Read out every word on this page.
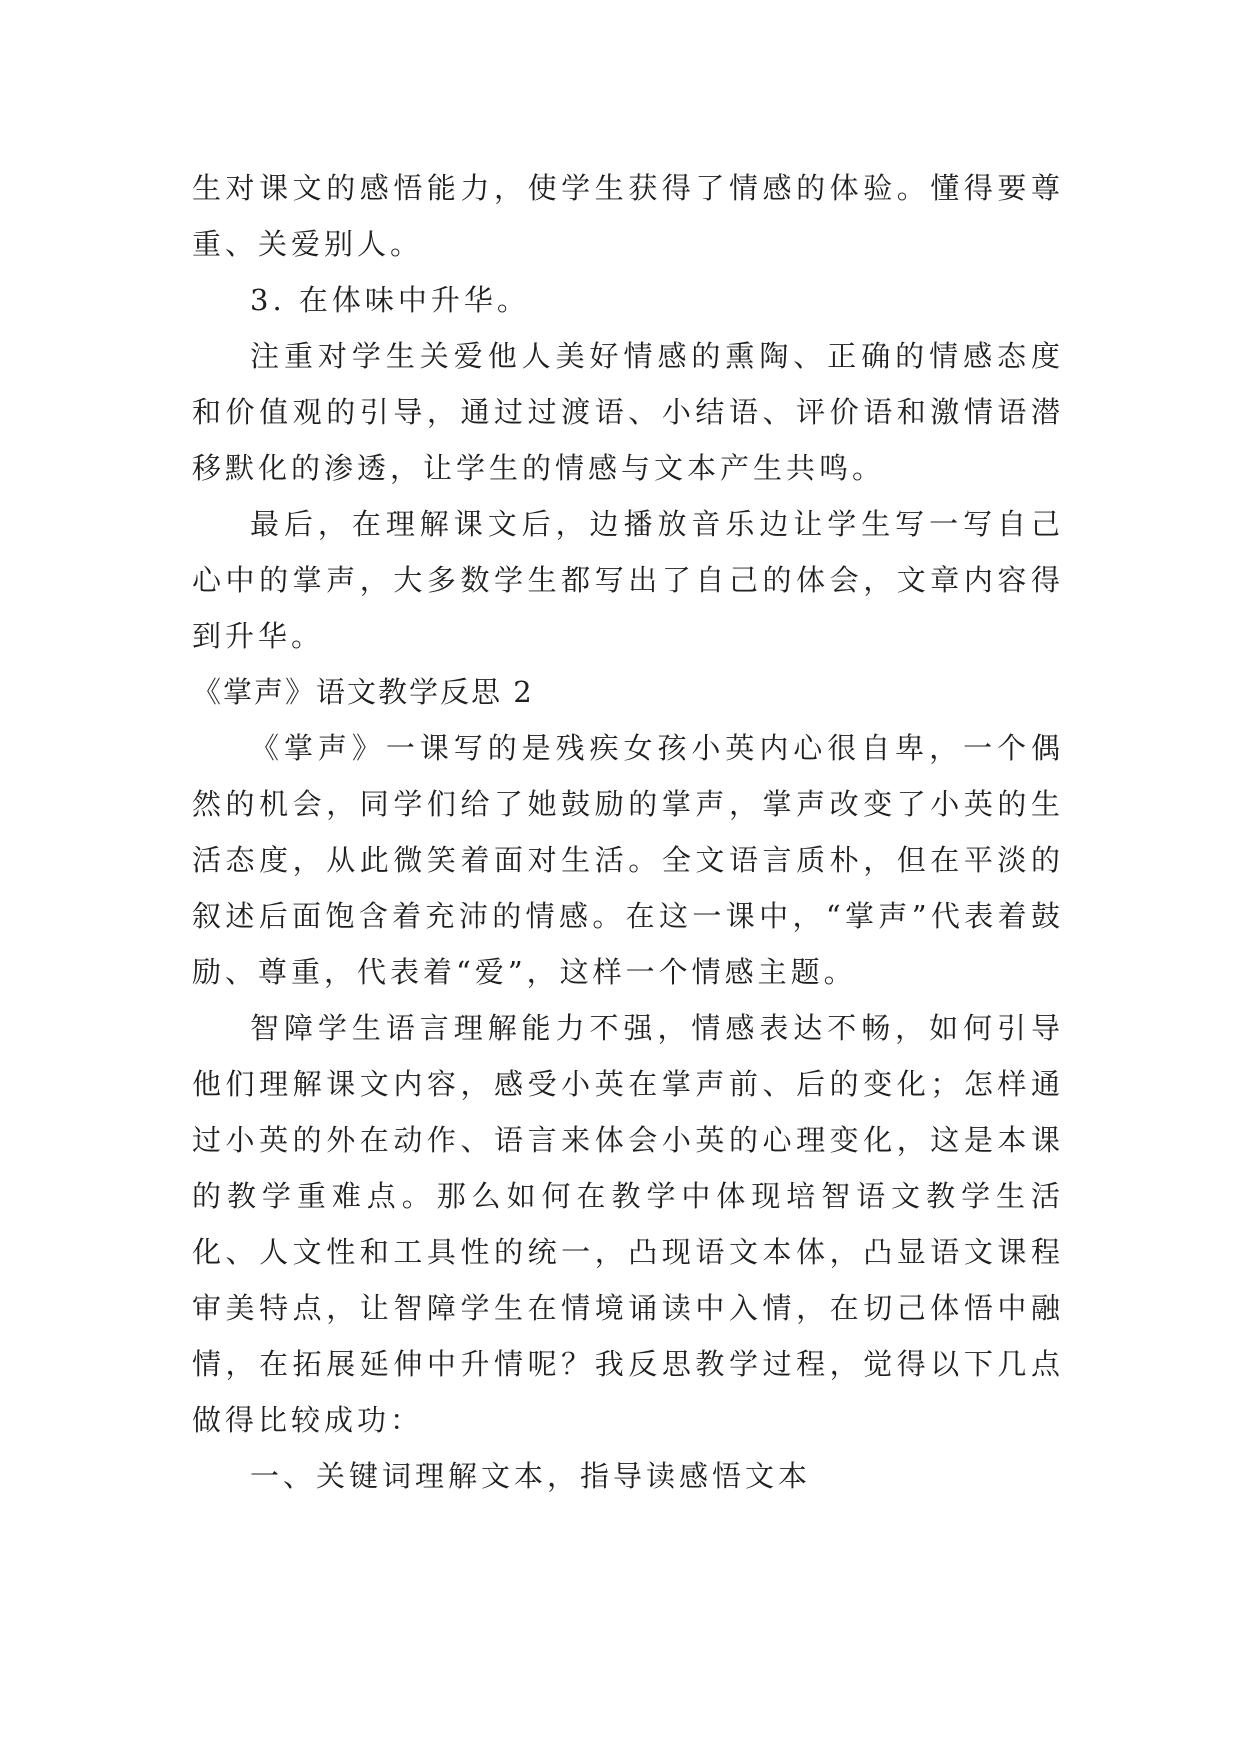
生对课文的感悟能力，使学生获得了情感的体验。懂得要尊重、关爱别人。

3. 在体味中升华。

注重对学生关爱他人美好情感的熏陶、正确的情感态度和价值观的引导，通过过渡语、小结语、评价语和激情语潜移默化的渗透，让学生的情感与文本产生共鸣。

最后，在理解课文后，边播放音乐边让学生写一写自己心中的掌声，大多数学生都写出了自己的体会，文章内容得到升华。

《掌声》语文教学反思 2

《掌声》一课写的是残疾女孩小英内心很自卑，一个偶然的机会，同学们给了她鼓励的掌声，掌声改变了小英的生活态度，从此微笑着面对生活。全文语言质朴，但在平淡的叙述后面饱含着充沛的情感。在这一课中，“掌声”代表着鼓励、尊重，代表着“爱”，这样一个情感主题。

智障学生语言理解能力不强，情感表达不畅，如何引导他们理解课文内容，感受小英在掌声前、后的变化；怎样通过小英的外在动作、语言来体会小英的心理变化，这是本课的教学重难点。那么如何在教学中体现培智语文教学生活化、人文性和工具性的统一，凸现语文本体，凸显语文课程审美特点，让智障学生在情境诵读中入情，在切己体悟中融情，在拓展延伸中升情呢？我反思教学过程，觉得以下几点做得比较成功：

一、关键词理解文本，指导读感悟文本
